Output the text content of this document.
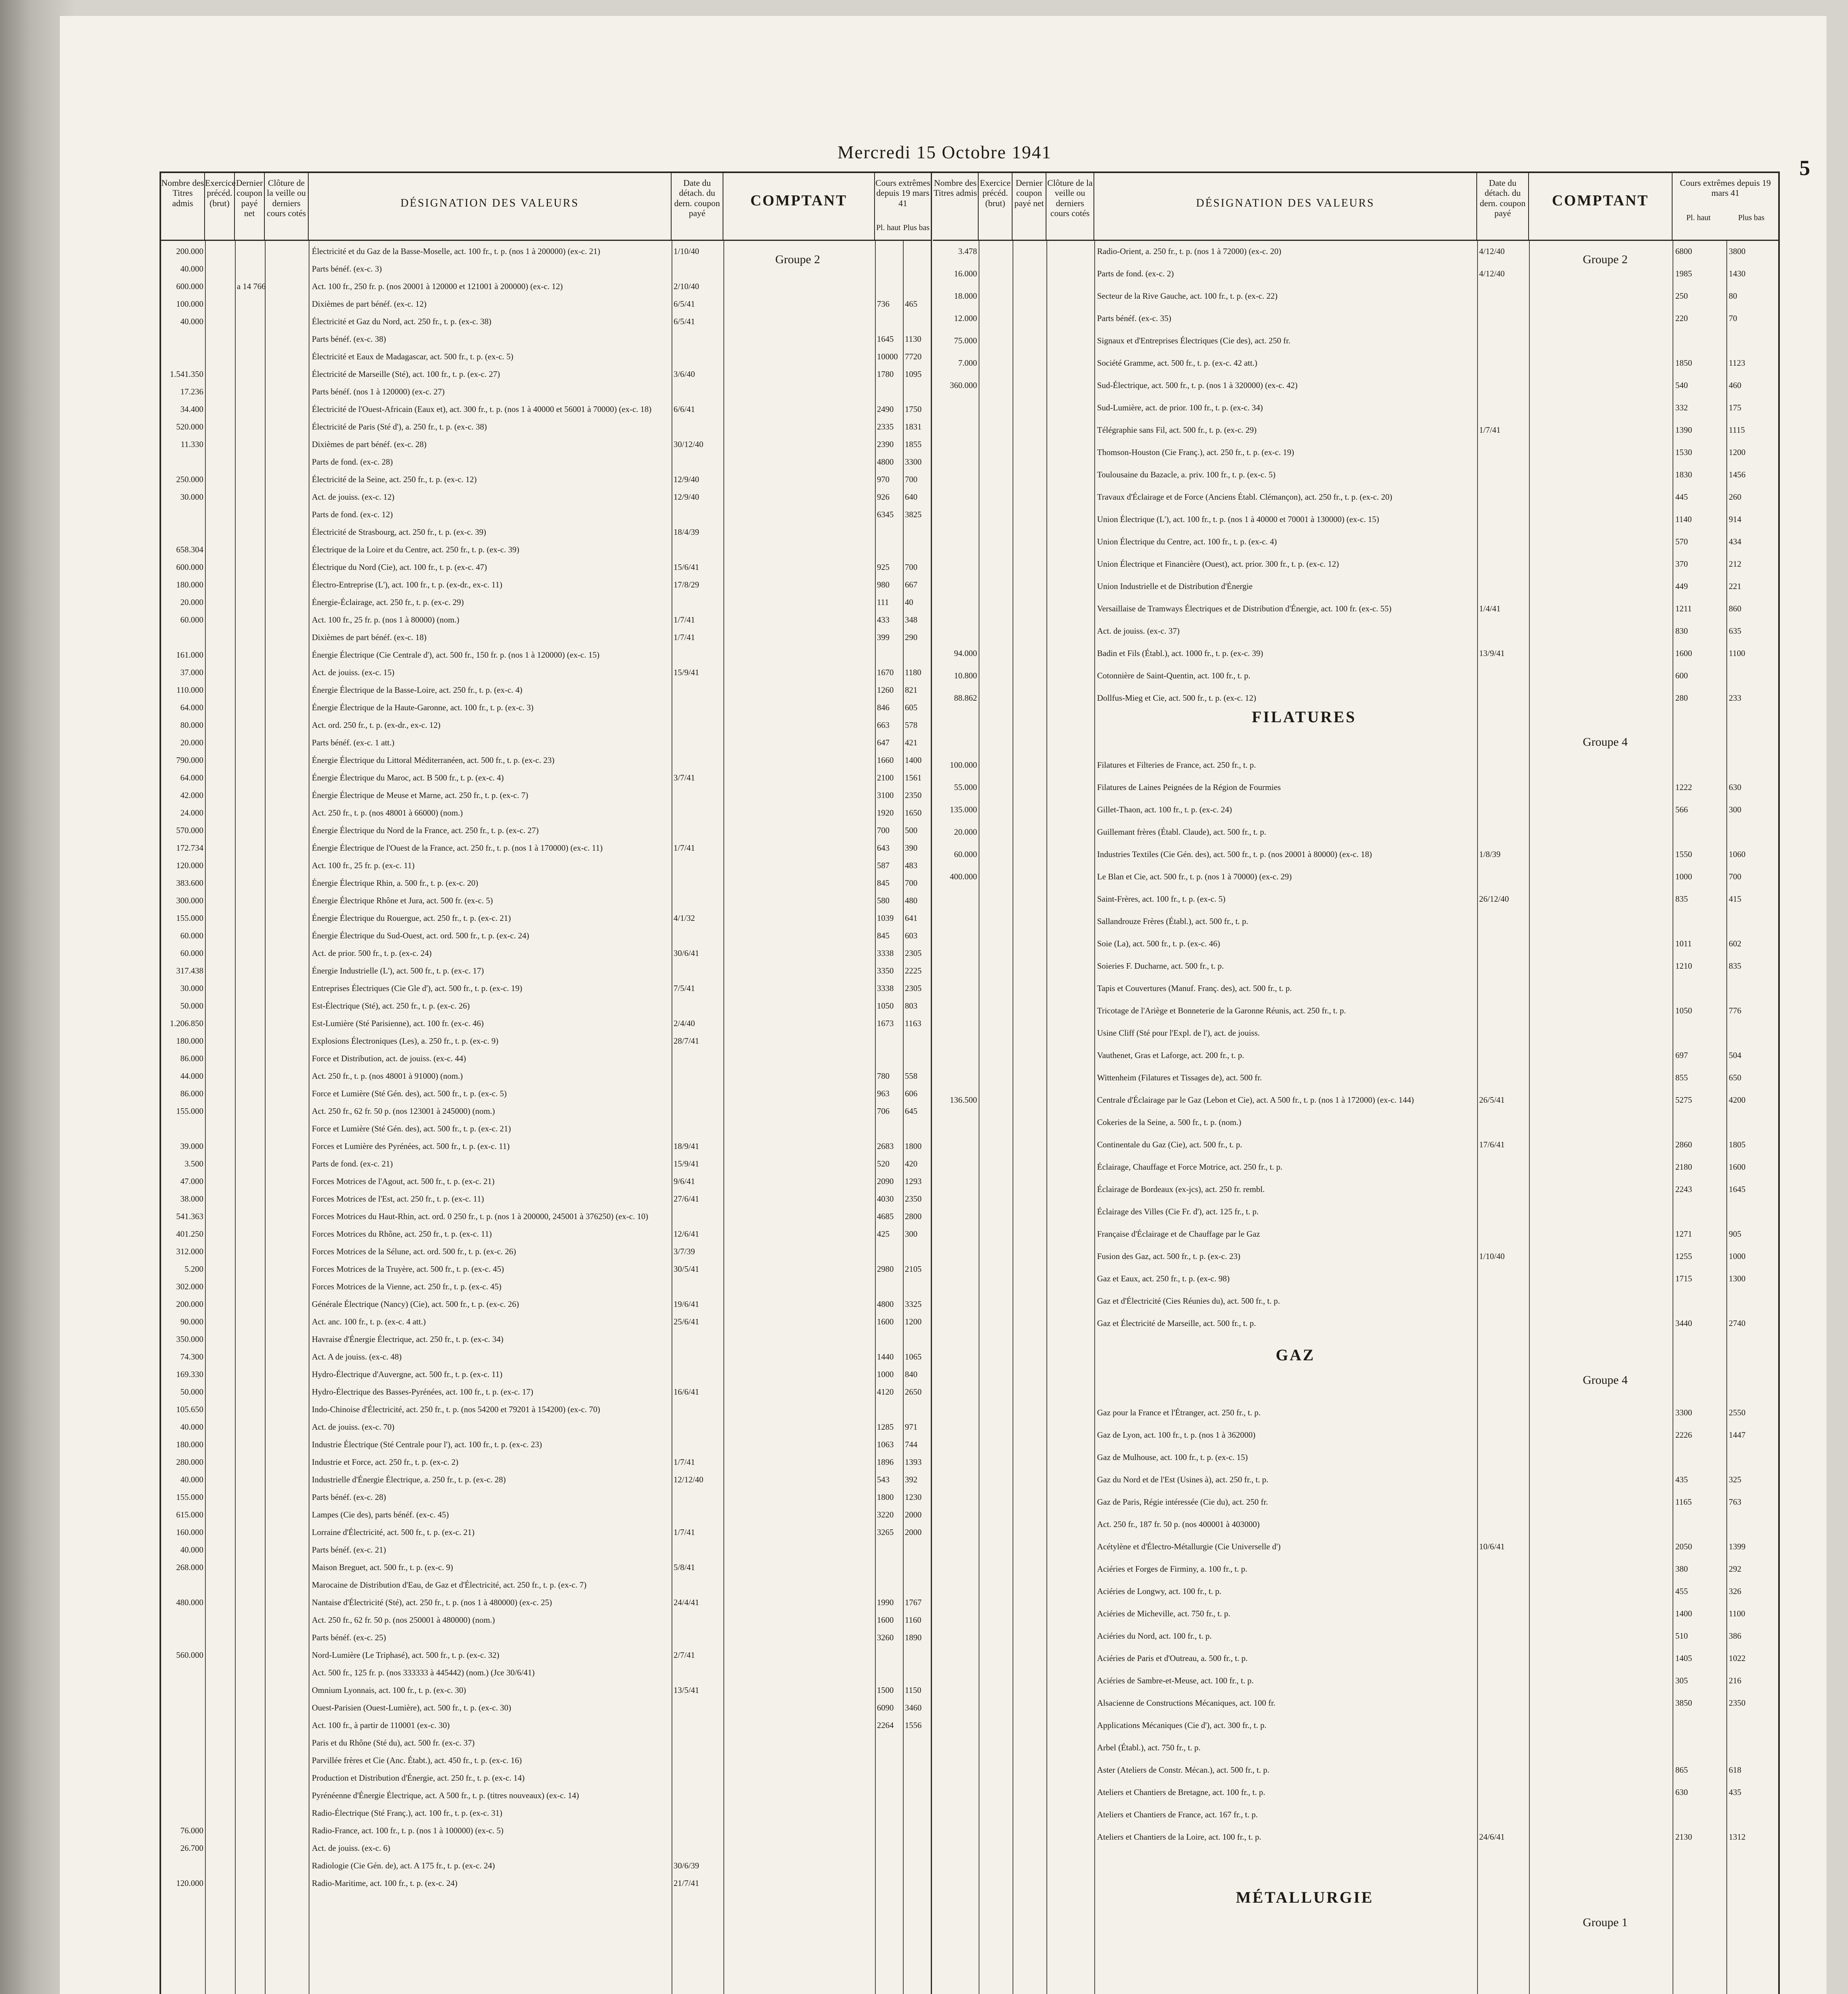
Mercredi 15 Octobre 1941
5
Nombre des Titres admis
Exercice précéd. (brut)
Dernier coupon payé net
Clôture de la veille ou derniers cours cotés
DÉSIGNATION DES VALEURS
Date du détach. du dern. coupon payé
COMPTANT
Cours extrêmes depuis 19 mars 41
Pl. haut Plus bas
Groupe 2
200.000	Électricité et du Gaz de la Basse-Moselle, act. 100 fr., t. p. (nos 1 à 200000) (ex-c. 21)	1/10/40
40.000	Parts bénéf. (ex-c. 3)
600.000	a 14 766	Act. 100 fr., 250 fr. p. (nos 20001 à 120000 et 121001 à 200000) (ex-c. 12)	2/10/40
100.000	Dixièmes de part bénéf. (ex-c. 12)	6/5/41	736	465
40.000	Électricité et Gaz du Nord, act. 250 fr., t. p. (ex-c. 38)	6/5/41
Parts bénéf. (ex-c. 38)	1645	1130
Électricité et Eaux de Madagascar, act. 500 fr., t. p. (ex-c. 5)	10000 7720
1.541.350	Électricité de Marseille (Sté), act. 100 fr., t. p. (ex-c. 27)	3/6/40	1780	1095
17.236	Parts bénéf. (nos 1 à 120000) (ex-c. 27)
34.400	Électricité de l'Ouest-Africain (Eaux et), act. 300 fr., t. p. (nos 1 à 40000 et 56001 à 70000) (ex-c. 18)	6/6/41	2490	1750
520.000	Électricité de Paris (Sté d'), a. 250 fr., t. p. (ex-c. 38)	2335	1831
11.330	Dixièmes de part bénéf. (ex-c. 28)	30/12/40	2390	1855
Parts de fond. (ex-c. 28)	4800	3300
250.000	Électricité de la Seine, act. 250 fr., t. p. (ex-c. 12)	12/9/40	970	700
30.000	Act. de jouiss. (ex-c. 12)	12/9/40	926	640
Parts de fond. (ex-c. 12)	6345	3825
Électricité de Strasbourg, act. 250 fr., t. p. (ex-c. 39)	18/4/39
658.304	Électrique de la Loire et du Centre, act. 250 fr., t. p. (ex-c. 39)
600.000	Électrique du Nord (Cie), act. 100 fr., t. p. (ex-c. 47)	15/6/41	925	700
180.000	Électro-Entreprise (L'), act. 100 fr., t. p. (ex-dr., ex-c. 11)	17/8/29	980	667
20.000	Énergie-Éclairage, act. 250 fr., t. p. (ex-c. 29)	111	40
60.000	Act. 100 fr., 25 fr. p. (nos 1 à 80000) (nom.)	1/7/41	433	348
Dixièmes de part bénéf. (ex-c. 18)	1/7/41	399	290
161.000	Énergie Électrique (Cie Centrale d'), act. 500 fr., 150 fr. p. (nos 1 à 120000) (ex-c. 15)
37.000	Act. de jouiss. (ex-c. 15)	15/9/41	1670	1180
110.000	Énergie Électrique de la Basse-Loire, act. 250 fr., t. p. (ex-c. 4)	1260	821
64.000	Énergie Électrique de la Haute-Garonne, act. 100 fr., t. p. (ex-c. 3)	846	605
80.000	Act. ord. 250 fr., t. p. (ex-dr., ex-c. 12)	663	578
20.000	Parts bénéf. (ex-c. 1 att.)	647	421
790.000	Énergie Électrique du Littoral Méditerranéen, act. 500 fr., t. p. (ex-c. 23)	1660	1400
64.000	Énergie Électrique du Maroc, act. B 500 fr., t. p. (ex-c. 4)	3/7/41	2100	1561
42.000	Énergie Électrique de Meuse et Marne, act. 250 fr., t. p. (ex-c. 7)	3100	2350
24.000	Act. 250 fr., t. p. (nos 48001 à 66000) (nom.)	1920	1650
570.000	Énergie Électrique du Nord de la France, act. 250 fr., t. p. (ex-c. 27)	700	500
172.734	Énergie Électrique de l'Ouest de la France, act. 250 fr., t. p. (nos 1 à 170000) (ex-c. 11)	1/7/41	643	390
120.000	Act. 100 fr., 25 fr. p. (ex-c. 11)	587	483
383.600	Énergie Électrique Rhin, a. 500 fr., t. p. (ex-c. 20)	845	700
300.000	Énergie Électrique Rhône et Jura, act. 500 fr. (ex-c. 5)	580	480
155.000	Énergie Électrique du Rouergue, act. 250 fr., t. p. (ex-c. 21)	4/1/32	1039	641
60.000	Énergie Électrique du Sud-Ouest, act. ord. 500 fr., t. p. (ex-c. 24)	845	603
60.000	Act. de prior. 500 fr., t. p. (ex-c. 24)	30/6/41	3338	2305
317.438	Énergie Industrielle (L'), act. 500 fr., t. p. (ex-c. 17)	3350	2225
30.000	Entreprises Électriques (Cie Gle d'), act. 500 fr., t. p. (ex-c. 19)	7/5/41	3338	2305
50.000	Est-Électrique (Sté), act. 250 fr., t. p. (ex-c. 26)	1050	803
1.206.850	Est-Lumière (Sté Parisienne), act. 100 fr. (ex-c. 46)	2/4/40	1673	1163
180.000	Explosions Électroniques (Les), a. 250 fr., t. p. (ex-c. 9)	28/7/41
86.000	Force et Distribution, act. de jouiss. (ex-c. 44)
44.000	Act. 250 fr., t. p. (nos 48001 à 91000) (nom.)	780	558
86.000	Force et Lumière (Sté Gén. des), act. 500 fr., t. p. (ex-c. 5)	963	606
155.000	Act. 250 fr., 62 fr. 50 p. (nos 123001 à 245000) (nom.)	706	645
Force et Lumière (Sté Gén. des), act. 500 fr., t. p. (ex-c. 21)
39.000	Forces et Lumière des Pyrénées, act. 500 fr., t. p. (ex-c. 11)	18/9/41	2683	1800
3.500	Parts de fond. (ex-c. 21)	15/9/41	520	420
47.000	Forces Motrices de l'Agout, act. 500 fr., t. p. (ex-c. 21)	9/6/41	2090	1293
38.000	Forces Motrices de l'Est, act. 250 fr., t. p. (ex-c. 11)	27/6/41	4030	2350
541.363	Forces Motrices du Haut-Rhin, act. ord. 0 250 fr., t. p. (nos 1 à 200000, 245001 à 376250) (ex-c. 10)	4685	2800
401.250	Forces Motrices du Rhône, act. 250 fr., t. p. (ex-c. 11)	12/6/41	425	300
312.000	Forces Motrices de la Sélune, act. ord. 500 fr., t. p. (ex-c. 26)	3/7/39
5.200	Forces Motrices de la Truyère, act. 500 fr., t. p. (ex-c. 45)	30/5/41	2980	2105
302.000	Forces Motrices de la Vienne, act. 250 fr., t. p. (ex-c. 45)
200.000	Générale Électrique (Nancy) (Cie), act. 500 fr., t. p. (ex-c. 26)	19/6/41	4800	3325
90.000	Act. anc. 100 fr., t. p. (ex-c. 4 att.)	25/6/41	1600	1200
350.000	Havraise d'Énergie Électrique, act. 250 fr., t. p. (ex-c. 34)
74.300	Act. A de jouiss. (ex-c. 48)	1440	1065
169.330	Hydro-Électrique d'Auvergne, act. 500 fr., t. p. (ex-c. 11)	1000	840
50.000	Hydro-Électrique des Basses-Pyrénées, act. 100 fr., t. p. (ex-c. 17)	16/6/41	4120	2650
105.650	Indo-Chinoise d'Électricité, act. 250 fr., t. p. (nos 54200 et 79201 à 154200) (ex-c. 70)
40.000	Act. de jouiss. (ex-c. 70)	1285	971
180.000	Industrie Électrique (Sté Centrale pour l'), act. 100 fr., t. p. (ex-c. 23)	1063	744
280.000	Industrie et Force, act. 250 fr., t. p. (ex-c. 2)	1/7/41	1896	1393
40.000	Industrielle d'Énergie Électrique, a. 250 fr., t. p. (ex-c. 28)	12/12/40	543	392
155.000	Parts bénéf. (ex-c. 28)	1800	1230
615.000	Lampes (Cie des), parts bénéf. (ex-c. 45)	3220	2000
160.000	Lorraine d'Électricité, act. 500 fr., t. p. (ex-c. 21)	1/7/41	3265	2000
40.000	Parts bénéf. (ex-c. 21)
268.000	Maison Breguet, act. 500 fr., t. p. (ex-c. 9)	5/8/41
Marocaine de Distribution d'Eau, de Gaz et d'Électricité, act. 250 fr., t. p. (ex-c. 7)
480.000	Nantaise d'Électricité (Sté), act. 250 fr., t. p. (nos 1 à 480000) (ex-c. 25)	24/4/41	1990	1767
Act. 250 fr., 62 fr. 50 p. (nos 250001 à 480000) (nom.)	1600	1160
Parts bénéf. (ex-c. 25)	3260	1890
560.000	Nord-Lumière (Le Triphasé), act. 500 fr., t. p. (ex-c. 32)	2/7/41
Act. 500 fr., 125 fr. p. (nos 333333 à 445442) (nom.) (Jce 30/6/41)
Omnium Lyonnais, act. 100 fr., t. p. (ex-c. 30)	13/5/41	1500	1150
Ouest-Parisien (Ouest-Lumière), act. 500 fr., t. p. (ex-c. 30)	6090	3460
Act. 100 fr., à partir de 110001 (ex-c. 30)	2264	1556
Paris et du Rhône (Sté du), act. 500 fr. (ex-c. 37)
Parvillée frères et Cie (Anc. Étabt.), act. 450 fr., t. p. (ex-c. 16)
Production et Distribution d'Énergie, act. 250 fr., t. p. (ex-c. 14)
Pyrénéenne d'Énergie Électrique, act. A 500 fr., t. p. (titres nouveaux) (ex-c. 14)
Radio-Électrique (Sté Franç.), act. 100 fr., t. p. (ex-c. 31)
76.000	Radio-France, act. 100 fr., t. p. (nos 1 à 100000) (ex-c. 5)
26.700	Act. de jouiss. (ex-c. 6)
Radiologie (Cie Gén. de), act. A 175 fr., t. p. (ex-c. 24)	30/6/39
120.000	Radio-Maritime, act. 100 fr., t. p. (ex-c. 24)	21/7/41
Nombre des Titres admis
Exercice précéd. (brut)
Dernier coupon payé net
Clôture de la veille ou derniers cours cotés
DÉSIGNATION DES VALEURS
Date du détach. du dern. coupon payé
COMPTANT
Cours extrêmes depuis 19 mars 41
Pl. haut	Plus bas
Groupe 2
FILATURES
Groupe 4
GAZ
Groupe 4
MÉTALLURGIE
Groupe 1
3.478	Radio-Orient, a. 250 fr., t. p. (nos 1 à 72000) (ex-c. 20)	4/12/40	6800	3800
16.000	Parts de fond. (ex-c. 2)	4/12/40	1985	1430
18.000	Secteur de la Rive Gauche, act. 100 fr., t. p. (ex-c. 22)	250	80
12.000	Parts bénéf. (ex-c. 35)	220	70
75.000	Signaux et d'Entreprises Électriques (Cie des), act. 250 fr.
7.000	Société Gramme, act. 500 fr., t. p. (ex-c. 42 att.)	1850	1123
360.000	Sud-Électrique, act. 500 fr., t. p. (nos 1 à 320000) (ex-c. 42)	540	460
Sud-Lumière, act. de prior. 100 fr., t. p. (ex-c. 34)	332	175
Télégraphie sans Fil, act. 500 fr., t. p. (ex-c. 29)	1/7/41	1390	1115
Thomson-Houston (Cie Franç.), act. 250 fr., t. p. (ex-c. 19)	1530	1200
Toulousaine du Bazacle, a. priv. 100 fr., t. p. (ex-c. 5)	1830	1456
Travaux d'Éclairage et de Force (Anciens Établ. Clémançon), act. 250 fr., t. p. (ex-c. 20)	445	260
Union Électrique (L'), act. 100 fr., t. p. (nos 1 à 40000 et 70001 à 130000) (ex-c. 15)	1140	914
Union Électrique du Centre, act. 100 fr., t. p. (ex-c. 4)	570	434
Union Électrique et Financière (Ouest), act. prior. 300 fr., t. p. (ex-c. 12)	370	212
Union Industrielle et de Distribution d'Énergie	449	221
Versaillaise de Tramways Électriques et de Distribution d'Énergie, act. 100 fr. (ex-c. 55)	1/4/41	1211	860
Act. de jouiss. (ex-c. 37)	830	635
94.000	Badin et Fils (Établ.), act. 1000 fr., t. p. (ex-c. 39)	13/9/41	1600	1100
10.800	Cotonnière de Saint-Quentin, act. 100 fr., t. p.	600
88.862	Dollfus-Mieg et Cie, act. 500 fr., t. p. (ex-c. 12)	280	233
100.000	Filatures et Filteries de France, act. 250 fr., t. p.
55.000	Filatures de Laines Peignées de la Région de Fourmies	1222	630
135.000	Gillet-Thaon, act. 100 fr., t. p. (ex-c. 24)	566	300
20.000	Guillemant frères (Établ. Claude), act. 500 fr., t. p.
60.000	Industries Textiles (Cie Gén. des), act. 500 fr., t. p. (nos 20001 à 80000) (ex-c. 18)	1/8/39	1550	1060
400.000	Le Blan et Cie, act. 500 fr., t. p. (nos 1 à 70000) (ex-c. 29)	1000	700
Saint-Frères, act. 100 fr., t. p. (ex-c. 5)	26/12/40	835	415
Sallandrouze Frères (Établ.), act. 500 fr., t. p.
Soie (La), act. 500 fr., t. p. (ex-c. 46)	1011	602
Soieries F. Ducharne, act. 500 fr., t. p.	1210	835
Tapis et Couvertures (Manuf. Franç. des), act. 500 fr., t. p.
Tricotage de l'Ariège et Bonneterie de la Garonne Réunis, act. 250 fr., t. p.	1050	776
Usine Cliff (Sté pour l'Expl. de l'), act. de jouiss.
Vauthenet, Gras et Laforge, act. 200 fr., t. p.	697	504
Wittenheim (Filatures et Tissages de), act. 500 fr.	855	650
136.500	Centrale d'Éclairage par le Gaz (Lebon et Cie), act. A 500 fr., t. p. (nos 1 à 172000) (ex-c. 144)	26/5/41	5275	4200
Cokeries de la Seine, a. 500 fr., t. p. (nom.)
Continentale du Gaz (Cie), act. 500 fr., t. p.	17/6/41	2860	1805
Éclairage, Chauffage et Force Motrice, act. 250 fr., t. p.	2180	1600
Éclairage de Bordeaux (ex-jcs), act. 250 fr. rembl.	2243	1645
Éclairage des Villes (Cie Fr. d'), act. 125 fr., t. p.
Française d'Éclairage et de Chauffage par le Gaz	1271	905
Fusion des Gaz, act. 500 fr., t. p. (ex-c. 23)	1/10/40	1255	1000
Gaz et Eaux, act. 250 fr., t. p. (ex-c. 98)	1715	1300
Gaz et d'Électricité (Cies Réunies du), act. 500 fr., t. p.
Gaz et Électricité de Marseille, act. 500 fr., t. p.	3440	2740
Gaz pour la France et l'Étranger, act. 250 fr., t. p.	3300	2550
Gaz de Lyon, act. 100 fr., t. p. (nos 1 à 362000)	2226	1447
Gaz de Mulhouse, act. 100 fr., t. p. (ex-c. 15)
Gaz du Nord et de l'Est (Usines à), act. 250 fr., t. p.	435	325
Gaz de Paris, Régie intéressée (Cie du), act. 250 fr.	1165	763
Act. 250 fr., 187 fr. 50 p. (nos 400001 à 403000)
Acétylène et d'Électro-Métallurgie (Cie Universelle d')	10/6/41	2050	1399
Aciéries et Forges de Firminy, a. 100 fr., t. p.	380	292
Aciéries de Longwy, act. 100 fr., t. p.	455	326
Aciéries de Micheville, act. 750 fr., t. p.	1400	1100
Aciéries du Nord, act. 100 fr., t. p.	510	386
Aciéries de Paris et d'Outreau, a. 500 fr., t. p.	1405	1022
Aciéries de Sambre-et-Meuse, act. 100 fr., t. p.	305	216
Alsacienne de Constructions Mécaniques, act. 100 fr.	3850	2350
Applications Mécaniques (Cie d'), act. 300 fr., t. p.
Arbel (Établ.), act. 750 fr., t. p.
Aster (Ateliers de Constr. Mécan.), act. 500 fr., t. p.	865	618
Ateliers et Chantiers de Bretagne, act. 100 fr., t. p.	630	435
Ateliers et Chantiers de France, act. 167 fr., t. p.
Ateliers et Chantiers de la Loire, act. 100 fr., t. p.	24/6/41	2130	1312
